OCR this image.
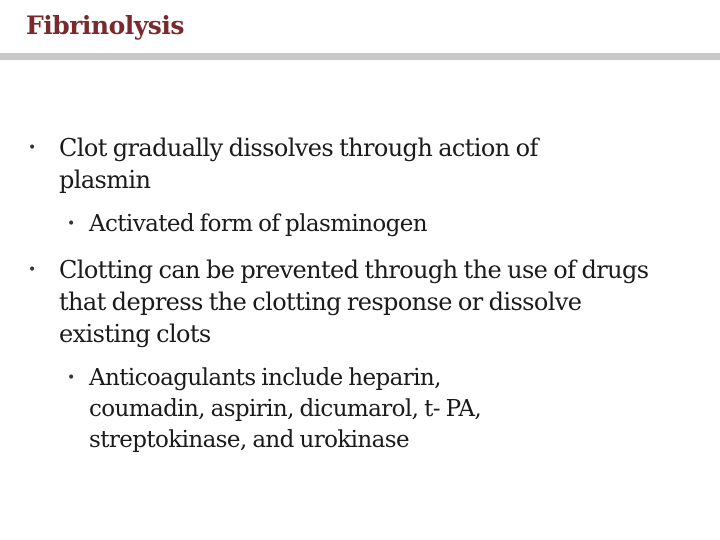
Fibrinolysis
• Clot gradually dissolves through action of plasmin
• Activated form of plasminogen
• Clotting can be prevented through the use of drugs that depress the clotting response or dissolve existing clots
• Anticoagulants include heparin, coumadin, aspirin, dicumarol, t- PA, streptokinase, and urokinase
